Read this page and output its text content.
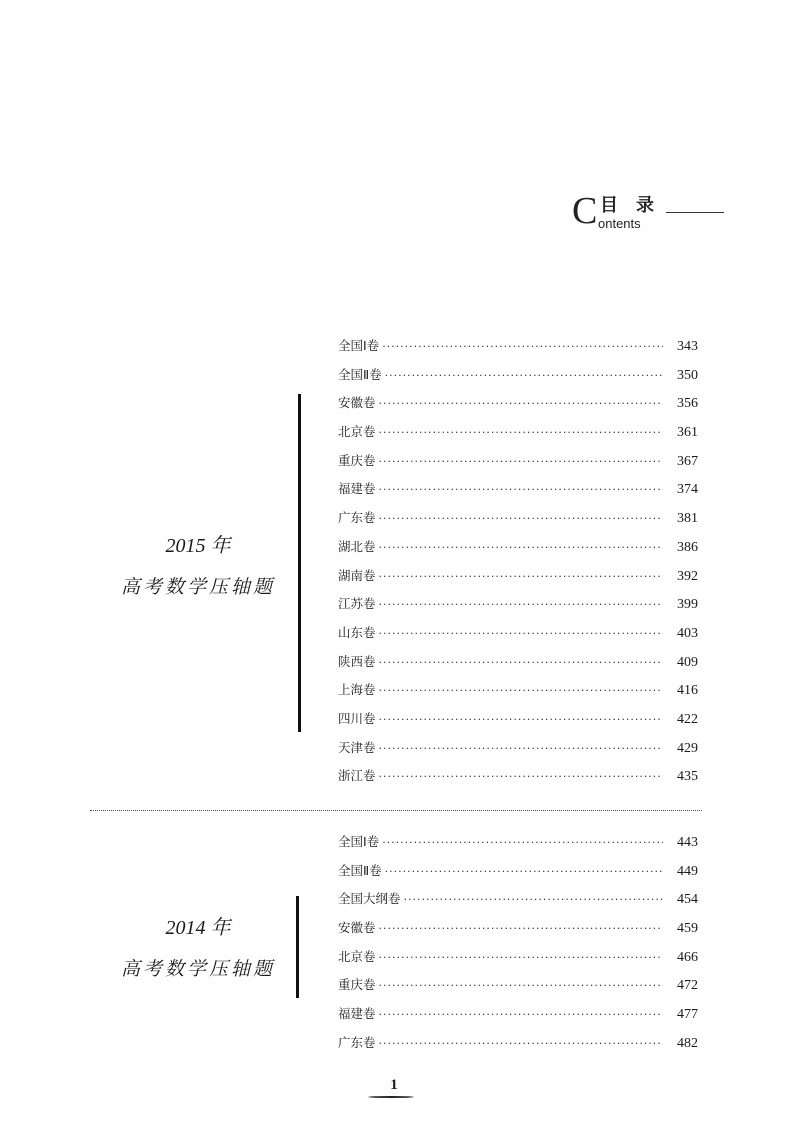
C 目录
ontents
2015 年
高考数学压轴题
全国Ⅰ卷 ·····	343
全国Ⅱ卷 ·····	350
安徽卷 ·····	356
北京卷 ·····	361
重庆卷 ·····	367
福建卷 ·····	374
广东卷 ·····	381
湖北卷 ·····	386
湖南卷 ·····	392
江苏卷 ·····	399
山东卷 ·····	403
陕西卷 ·····	409
上海卷 ·····	416
四川卷 ·····	422
天津卷 ·····	429
浙江卷 ·····	435
2014 年
高考数学压轴题
全国Ⅰ卷 ·····	443
全国Ⅱ卷 ·····	449
全国大纲卷 ·····	454
安徽卷 ·····	459
北京卷 ·····	466
重庆卷 ·····	472
福建卷 ·····	477
广东卷 ·····	482
1
